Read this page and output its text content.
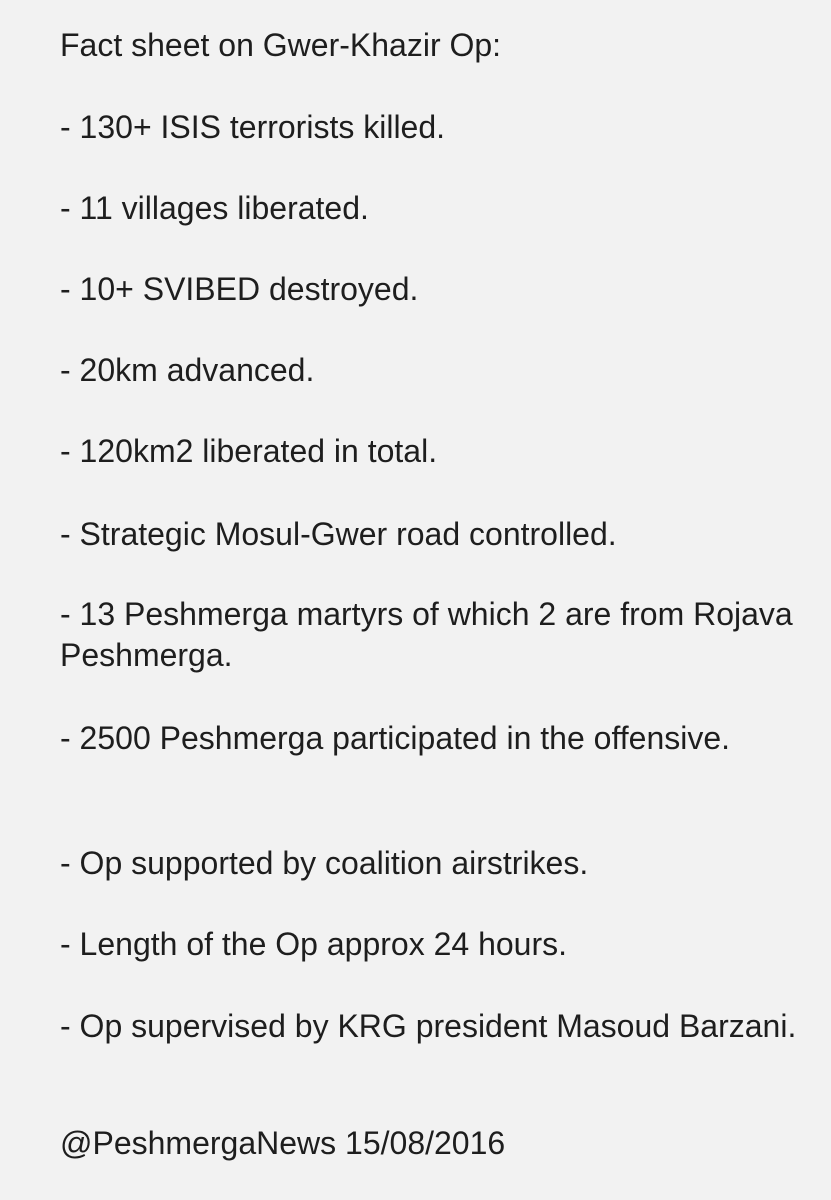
Fact sheet on Gwer-Khazir Op:
- 130+ ISIS terrorists killed.
- 11 villages liberated.
- 10+ SVIBED destroyed.
- 20km advanced.
- 120km2 liberated in total.
- Strategic Mosul-Gwer road controlled.
- 13 Peshmerga martyrs of which 2 are from Rojava Peshmerga.
- 2500 Peshmerga participated in the offensive.
- Op supported by coalition airstrikes.
- Length of the Op approx 24 hours.
- Op supervised by KRG president Masoud Barzani.
@PeshmergaNews 15/08/2016
